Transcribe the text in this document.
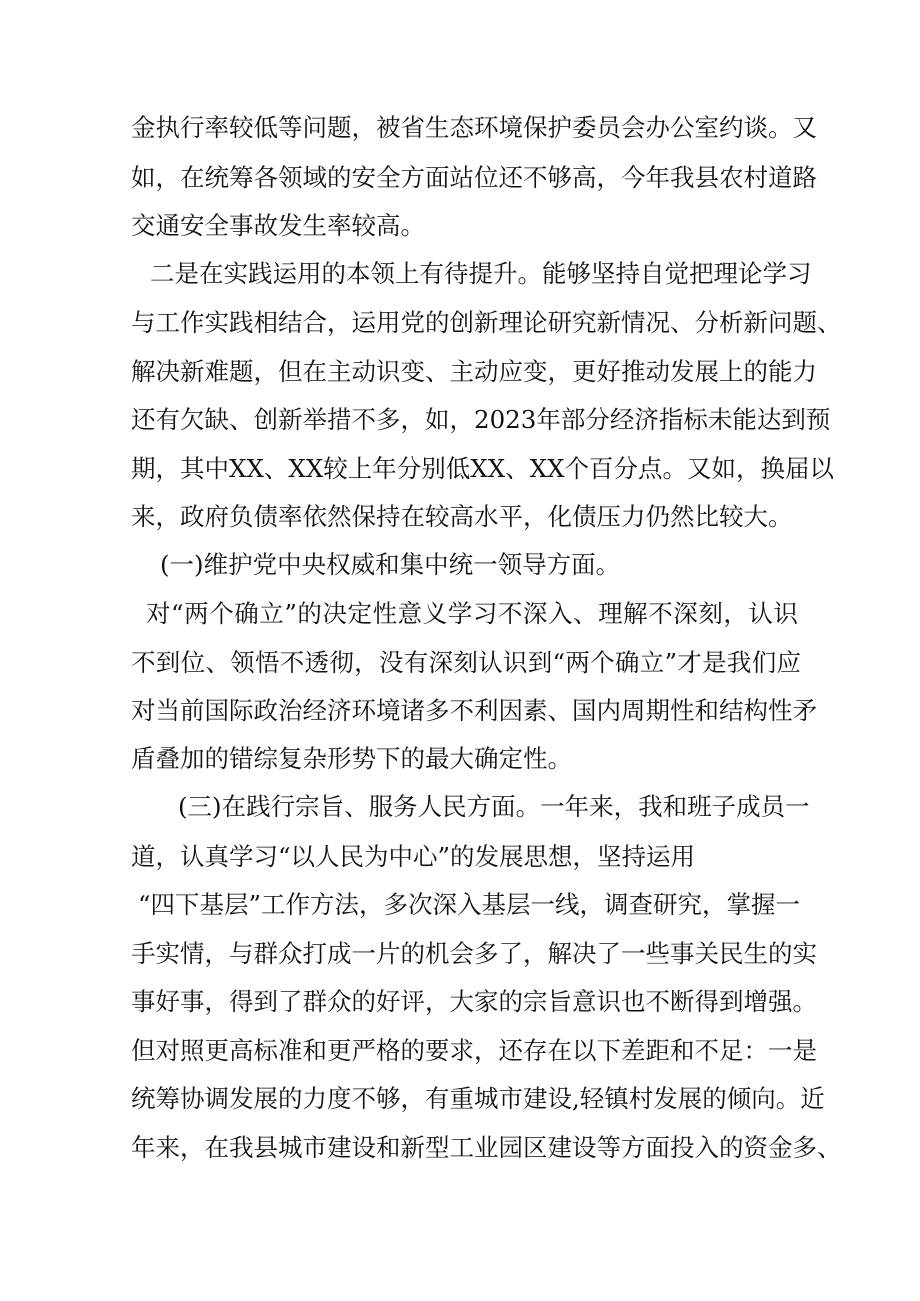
金执行率较低等问题，被省生态环境保护委员会办公室约谈。又
如，在统筹各领域的安全方面站位还不够高，今年我县农村道路
交通安全事故发生率较高。
二是在实践运用的本领上有待提升。能够坚持自觉把理论学习
与工作实践相结合，运用党的创新理论研究新情况、分析新问题、
解决新难题，但在主动识变、主动应变，更好推动发展上的能力
还有欠缺、创新举措不多，如，2023年部分经济指标未能达到预
期，其中XX、XX较上年分别低XX、XX个百分点。又如，换届以
来，政府负债率依然保持在较高水平，化债压力仍然比较大。
(一)维护党中央权威和集中统一领导方面。
对“两个确立”的决定性意义学习不深入、理解不深刻，认识
不到位、领悟不透彻，没有深刻认识到“两个确立”才是我们应
对当前国际政治经济环境诸多不利因素、国内周期性和结构性矛
盾叠加的错综复杂形势下的最大确定性。
(三)在践行宗旨、服务人民方面。一年来，我和班子成员一
道，认真学习“以人民为中心”的发展思想，坚持运用
“四下基层”工作方法，多次深入基层一线，调查研究，掌握一
手实情，与群众打成一片的机会多了，解决了一些事关民生的实
事好事，得到了群众的好评，大家的宗旨意识也不断得到增强。
但对照更高标准和更严格的要求，还存在以下差距和不足：一是
统筹协调发展的力度不够，有重城市建设,轻镇村发展的倾向。近
年来，在我县城市建设和新型工业园区建设等方面投入的资金多、
